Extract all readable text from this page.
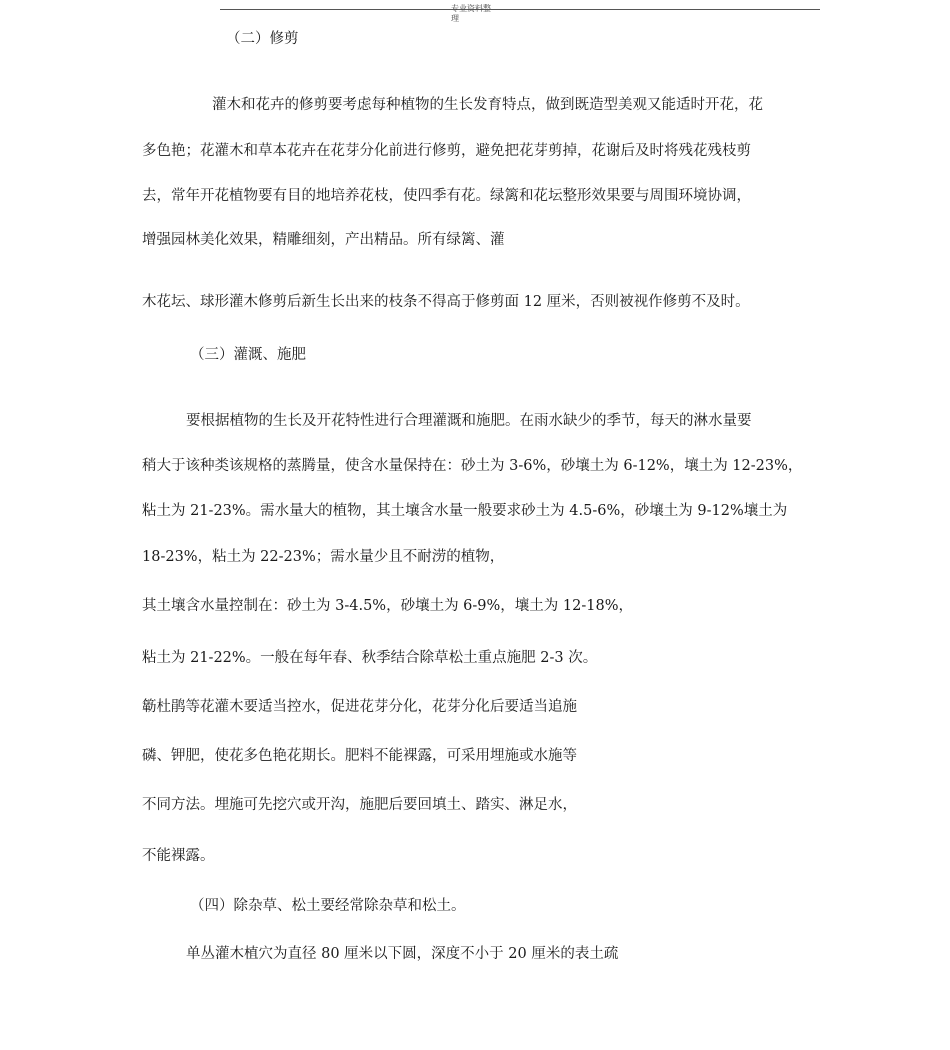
专业资料整
理
（二）修剪
灌木和花卉的修剪要考虑每种植物的生长发育特点，做到既造型美观又能适时开花，花
多色艳；花灌木和草本花卉在花芽分化前进行修剪，避免把花芽剪掉，花谢后及时将残花残枝剪
去，常年开花植物要有目的地培养花枝，使四季有花。绿篱和花坛整形效果要与周围环境协调，
增强园林美化效果，精雕细刻，产出精品。所有绿篱、灌
木花坛、球形灌木修剪后新生长出来的枝条不得高于修剪面 12 厘米，否则被视作修剪不及时。
（三）灌溉、施肥
要根据植物的生长及开花特性进行合理灌溉和施肥。在雨水缺少的季节，每天的淋水量要
稍大于该种类该规格的蒸腾量，使含水量保持在：砂土为 3-6%，砂壤土为 6-12%，壤土为 12-23%，
粘土为 21-23%。需水量大的植物，其土壤含水量一般要求砂土为 4.5-6%，砂壤土为 9-12%壤土为
18-23%，粘土为 22-23%；需水量少且不耐涝的植物，
其土壤含水量控制在：砂土为 3-4.5%，砂壤土为 6-9%，壤土为 12-18%，
粘土为 21-22%。一般在每年春、秋季结合除草松土重点施肥 2-3 次。
簕杜鹃等花灌木要适当控水，促进花芽分化，花芽分化后要适当追施
磷、钾肥，使花多色艳花期长。肥料不能裸露，可采用埋施或水施等
不同方法。埋施可先挖穴或开沟，施肥后要回填土、踏实、淋足水，
不能裸露。
（四）除杂草、松土要经常除杂草和松土。
单丛灌木植穴为直径 80 厘米以下圆，深度不小于 20 厘米的表土疏
